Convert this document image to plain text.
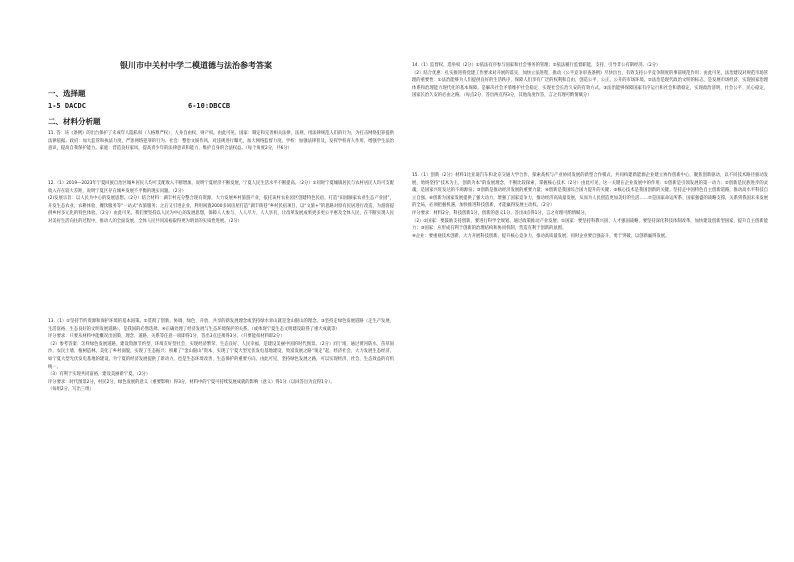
银川市中关村中学二模道德与法治参考答案
一、选择题
1-5 DACDC	6-10:DBCCB
二、材料分析题

11. 答：该《条例》的出台保护了未成年人隐私权（人格尊严权）、人身自由权、财产权。由此可见，国家：制定和完善相关法律，法规，用法律规范人们的行为，为打击网络犯罪提供法律依据。政府：加大监管和执法力度，严惩网络犯罪的行为。社会：整治文娱作风，对违规进行曝光，加大网络监督力度。学校：加强法律普及，发挥学校育人作用，增强学生法治意识，提高自我保护能力。家庭：营造良好家风，提高青少年的法律意识和能力，维护自身的合法权益。（每个角度2分，共6分）

12.（1）2019—2023年宁夏回族自治区城乡居民人均可支配收入不断增加，说明宁夏经济不断发展，宁夏人民生活水平不断提高。（2分）①同时宁夏城镇居民与农村居民人均可支配收入存在较大差距，说明宁夏区存在城乡发展不平衡的现实问题。（2分）
(2)发展宗旨：以人民为中心的发展思想。（2分）结合材料：湖丰村充分整合现有资源，大力发展乡村旅游产业，依托该村农业园区创建特色民宿，打造“田园颐家农业生态产业园”，开发生态农业、农耕体验、餐饮服务等“一站式”农旅服务；之后又引进企业，利用闲置2000多间房屋打造“湖丰街巷”乡村民宿项目，以“文旅+”的思路对原有民居进行改造，为游客提供乡村多元化的特色体验。（2分）由此可见，我们要坚持以人民为中心的发展思想，保障人人参与、人人尽力、人人享有，让改革发展成果更多更公平惠及全体人民，在不断实现人民对美好生活向往的过程中，推动人的全面发展、全体人民共同富裕取得更为明显的实质性进展。（2分）

13.（1）①坚持节约资源和保护环境的基本国策。②贯彻了创新、协调、绿色、开放、共享的新发展理念或坚持绿水青山就是金山银山的理念。③坚持走绿色发展道路（走生产发展、生活富裕、生态良好的文明发展道路），是我国的必然选择。④正确处理了经济发展与生态环境保护的关系。（或体现宁夏生态文明建设取得了重大成就等）
评分要求：只要从材料中能概况出国策、理念、道路、关系等任意一项即得1分，答出3点还须得3分。（只要能扣材料即2分）
（2）参考答案：怎样绿色发展道路，建设资源节约型、环境友好型社会，实现经济繁荣、生态良好、人民幸福，是建设美丽中国的时代图景。（2分）同宁靖，通过黄河防水、苗草固沙，农民土墙、植树造林，美化了乡村面貌，实现了生态振兴；积累了“金山银山”资本，实现了宁夏大型光伏发电基地建设，致富发展之路“领走”起，经济社会、大力发展生态经济，如宁夏大型光伏发电基地的建设，为宁夏的经济发展提供了新动力，也是生态环境改善、生态保护的重要方向。由此可见，坚持绿色发展之路，可以实现经济、社会、生态效益的有机统一。
（3）有利于实现共同富裕，建设美丽新宁夏。（2分）
评分要求：时代图景2分，村民2分，绿色发展的意义（重要影响）得3分，材料中的宁夏可持续发展成就的影响（意义）得1分（以回答出为宜得1分）。
（每组2分，写出三组）

14.（1）监督权、选举权（2分）①依法有序参与国家和社会事务的管理；②依法履行监督职能，支持、引导非公有制经济。（2分）
（2）结合优惠：扎实推进将党建工作要求对开展的落实，加快立法进程，推动《公平竞争审查条例》尽快出台，有效支持公平竞争制度的事前规范作用；由此可见，法治建设对规范市场管理的重要性：①法治能够为人们提供良好的生活秩序，保障人们享有广泛的权利和自由，创造公平、公正、公开的市场环境。②法治是现代政治文明的标志，是发展市场经济、实现国家治理体系和治理能力现代化的基本保障。是解决社会矛盾维护社会稳定、实现社会长治久安的有效方式。③法治能够保障国家有序运行和社会和谐稳定，实现政治清明、社会公平、民心稳定、国家长治久安的必由之路。（每点2分，答出两点得3分，其他角度作答，言之有理可酌情赋分）

15.（1）创新（2分）材料1比亚迪汽车和北京交通大学合作，探索高校与产业协同发展的新型合作模式，共同构建新能源企业建立协作创新中心，聚焦创新驱动，以不同技术路径驱动发展，始终坚持“技术为王，创新为本”的发展理念，不断比较探索，掌握核心技术（2分）由此可见，这一关键在企业发展中的作用：①创新是引领发展的第一动力；②创新是民族进步的灵魂，是国家兴旺发达的不竭源泉；③创新是推动经济发展的重要力量；④创新是我国综合国力提升的关键；⑤核心技术是我国创新的关键。坚持走中国特色自主创新道路，推动高水平科技自立自强。⑥创新为国家发展提供了强大动力，增强了国家竞争力，推动经济高质量发展，从而为人民创造更加美好的生活……⑦是国家命运所系、国家强盛的战略支撑，关系到我国未来发展的全局，必须把握机遇，加快推进科技创新，才能赢得发展主动权。（2分）
评分要求：材料2分，科技创新1分，创新的意义1分，答出4点得1分，言之有理可酌情赋分。
（2）①国家：要鼓励支持创新，要进行科学全规划、通过政策推动产业发展；②国家：要坚持科教兴国、人才强国战略，要坚持深化科技体制改革，加快建设创新型国家，提升自主创新能力；③国家：应形成有利于创新的治理结构和协同机制，营造有利于创新的氛围。
④企业：要重视技术创新，大力开展科技创新，提升核心竞争力，推动高质量发展，同时企业要自强奋斗，勇于突破，以创新赢得发展。
